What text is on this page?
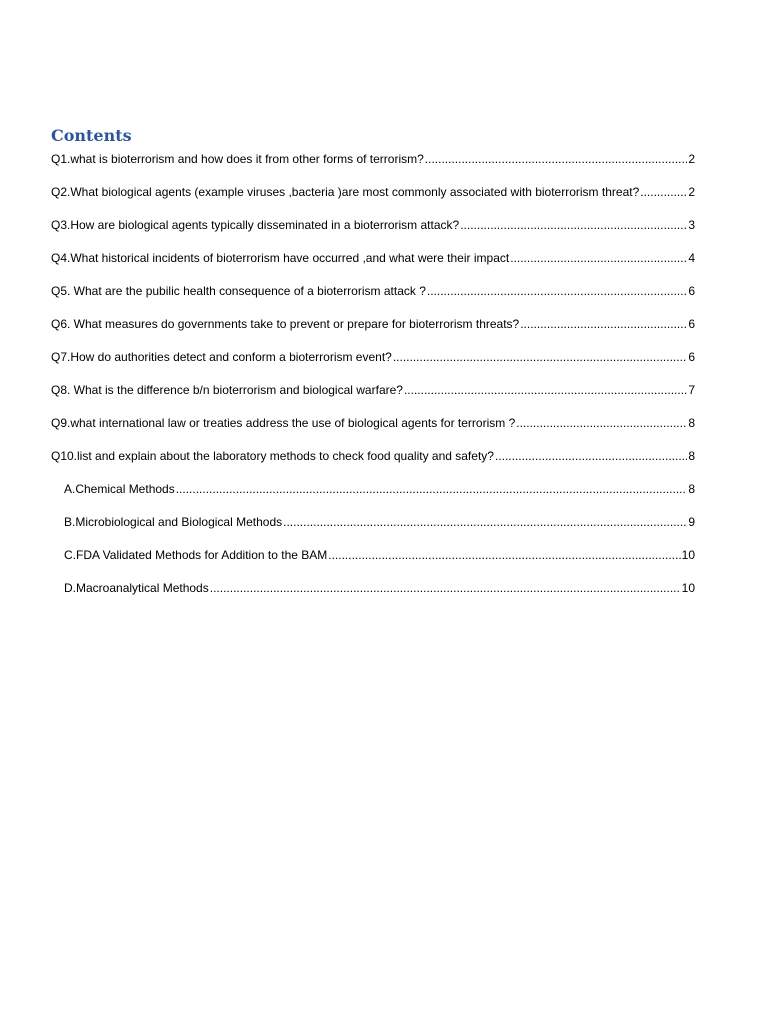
Contents
Q1.what is bioterrorism and how does it from other forms of terrorism? .....	2
Q2.What biological agents (example viruses ,bacteria )are most commonly associated with bioterrorism threat? .....	2
Q3.How are biological agents typically disseminated in a bioterrorism attack? .....	3
Q4.What historical incidents of bioterrorism have occurred ,and what were their impact .....	4
Q5. What are the pubilic health consequence of a bioterrorism attack ? .....	6
Q6. What measures do governments take to prevent or prepare for bioterrorism threats? .....	6
Q7.How do authorities detect and conform a bioterrorism event? .....	6
Q8. What is the difference b/n bioterrorism and biological warfare? .....	7
Q9.what international law or treaties address the use of biological agents for terrorism ? .....	8
Q10.list and explain about the laboratory methods to check food quality and safety? .....	8
A.Chemical Methods .....	8
B.Microbiological and Biological Methods .....	9
C.FDA Validated Methods for Addition to the BAM .....	10
D.Macroanalytical Methods .....	10
